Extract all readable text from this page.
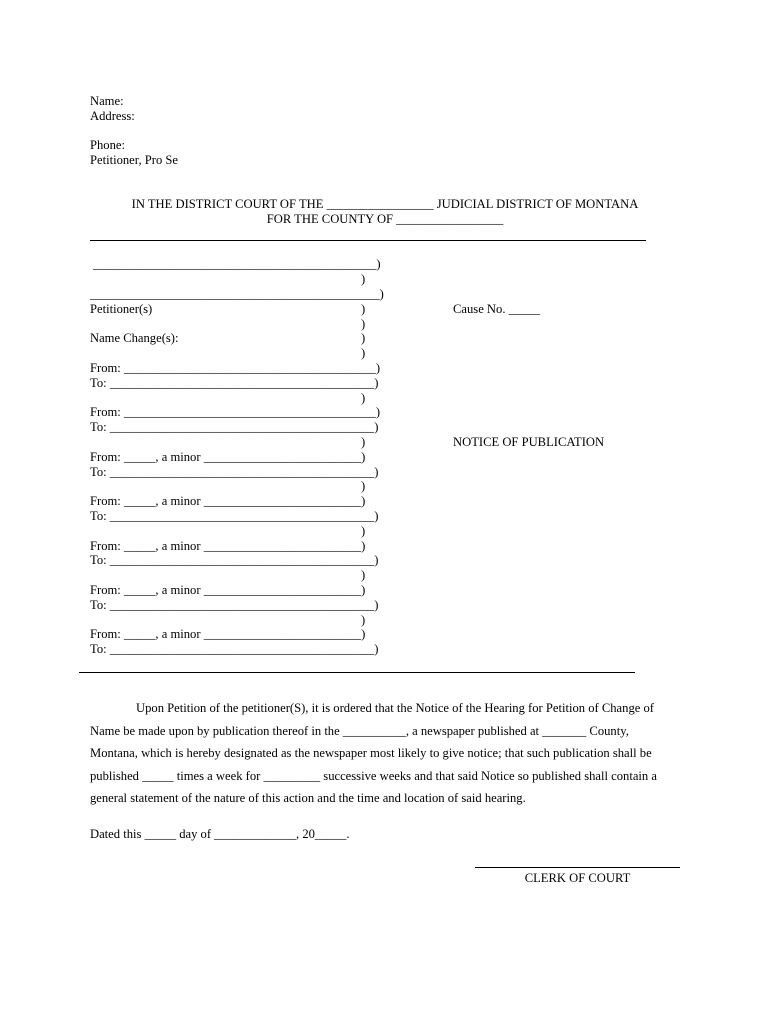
Name:
Address:
Phone:
Petitioner, Pro Se
IN THE DISTRICT COURT OF THE _________________ JUDICIAL DISTRICT OF MONTANA
FOR THE COUNTY OF _________________
_____________________________________________)
)
______________________________________________)
Petitioner(s)	)
)
Name Change(s):	)
)
From: ________________________________________)
To: __________________________________________)
)
From: ________________________________________)
To: __________________________________________)
)
From: _____, a minor _________________________)
To: __________________________________________)
)
From: _____, a minor _________________________)
To: __________________________________________)
)
From: _____, a minor _________________________)
To: __________________________________________)
)
From: _____, a minor _________________________)
To: __________________________________________)
)
From: _____, a minor _________________________)
To: __________________________________________)
Cause No. _____
NOTICE OF PUBLICATION
Upon Petition of the petitioner(S), it is ordered that the Notice of the Hearing for Petition of Change of Name be made upon by publication thereof in the __________, a newspaper published at _______ County, Montana, which is hereby designated as the newspaper most likely to give notice; that such publication shall be published _____ times a week for _________ successive weeks and that said Notice so published shall contain a general statement of the nature of this action and the time and location of said hearing.
Dated this _____ day of _____________, 20_____.
CLERK OF COURT
